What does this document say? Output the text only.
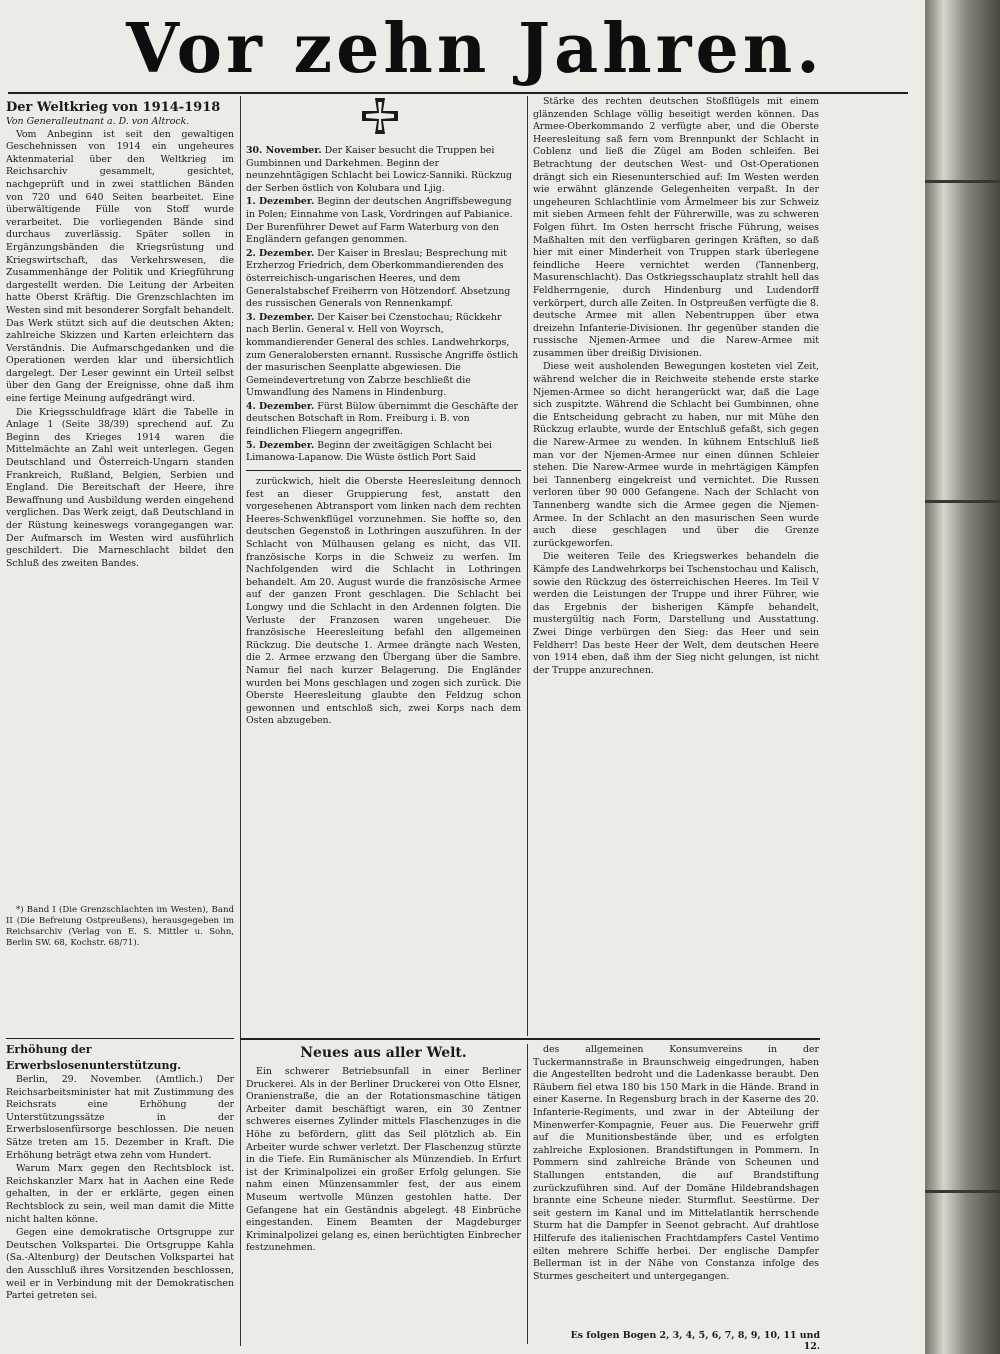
Vor zehn Jahren.
Der Weltkrieg von 1914-1918
Von Generalleutnant a. D. von Altrock.

Vom Anbeginn ist seit den gewaltigen Geschehnissen von 1914 ein ungeheures Aktenmaterial über den Weltkrieg im Reichsarchiv gesammelt, gesichtet, nachgeprüft und in zwei stattlichen Bänden von 720 und 640 Seiten bearbeitet. Eine überwältigende Fülle von Stoff wurde verarbeitet. Die vorliegenden Bände sind durchaus zuverlässig. Später sollen in Ergänzungsbänden die Kriegsrüstung und Kriegswirtschaft, das Verkehrswesen, die Zusammenhänge der Politik und Kriegführung dargestellt werden. Die Leitung der Arbeiten hatte Oberst Kräftig. Die Grenzschlachten im Westen sind mit besonderer Sorgfalt behandelt. Das Werk stützt sich auf die deutschen Akten; zahlreiche Skizzen und Karten erleichtern das Verständnis. Die Aufmarschgedanken und die Operationen werden klar und übersichtlich dargelegt. Der Leser gewinnt ein Urteil selbst über den Gang der Ereignisse, ohne daß ihm eine fertige Meinung aufgedrängt wird.

Die Kriegsschuldfrage klärt die Tabelle in Anlage 1 (Seite 38/39) sprechend auf. Zu Beginn des Krieges 1914 waren die Mittelmächte an Zahl weit unterlegen. Gegen Deutschland und Österreich-Ungarn standen Frankreich, Rußland, Belgien, Serbien und England. Die Bereitschaft der Heere, ihre Bewaffnung und Ausbildung werden eingehend verglichen. Das Werk zeigt, daß Deutschland in der Rüstung keineswegs vorangegangen war. Der Aufmarsch im Westen wird ausführlich geschildert. Die Marneschlacht bildet den Schluß des zweiten Bandes.

*) Band I (Die Grenzschlachten im Westen), Band II (Die Befreiung Ostpreußens), herausgegeben im Reichsarchiv (Verlag von E. S. Mittler u. Sohn, Berlin SW. 68, Kochstr. 68/71).

Erhöhung der Erwerbslosenunterstützung.

Berlin, 29. November. (Amtlich.) Der Reichsarbeitsminister hat mit Zustimmung des Reichsrats eine Erhöhung der Unterstützungssätze in der Erwerbslosenfürsorge beschlossen. Die neuen Sätze treten am 15. Dezember in Kraft. Die Erhöhung beträgt etwa zehn vom Hundert.

Warum Marx gegen den Rechtsblock ist. Reichskanzler Marx hat in Aachen eine Rede gehalten, in der er erklärte, gegen einen Rechtsblock zu sein, weil man damit die Mitte nicht halten könne.

Gegen eine demokratische Ortsgruppe zur Deutschen Volkspartei. Die Ortsgruppe Kahla (Sa.-Altenburg) der Deutschen Volkspartei hat den Ausschluß ihres Vorsitzenden beschlossen, weil er in Verbindung mit der Demokratischen Partei getreten sei.

30. November. Der Kaiser besucht die Truppen bei Gumbinnen und Darkehmen. Beginn der neunzehntägigen Schlacht bei Lowicz-Sanniki. Rückzug der Serben östlich von Kolubara und Ljig.
1. Dezember. Beginn der deutschen Angriffsbewegung in Polen; Einnahme von Lask, Vordringen auf Pabianice. Der Burenführer Dewet auf Farm Waterburg von den Engländern gefangen genommen.
2. Dezember. Der Kaiser in Breslau; Besprechung mit Erzherzog Friedrich, dem Oberkommandierenden des österreichisch-ungarischen Heeres, und dem Generalstabschef Freiherrn von Hötzendorf. Absetzung des russischen Generals von Rennenkampf.
3. Dezember. Der Kaiser bei Czenstochau; Rückkehr nach Berlin. General v. Hell von Woyrsch, kommandierender General des schles. Landwehrkorps, zum Generalobersten ernannt. Russische Angriffe östlich der masurischen Seenplatte abgewiesen. Die Gemeindevertretung von Zabrze beschließt die Umwandlung des Namens in Hindenburg.
4. Dezember. Fürst Bülow übernimmt die Geschäfte der deutschen Botschaft in Rom. Freiburg i. B. von feindlichen Fliegern angegriffen.
5. Dezember. Beginn der zweitägigen Schlacht bei Limanowa-Lapanow. Die Wüste östlich Port Said

zurückwich, hielt die Oberste Heeresleitung dennoch fest an dieser Gruppierung fest, anstatt den vorgesehenen Abtransport vom linken nach dem rechten Heeres-Schwenkflügel vorzunehmen. Sie hoffte so, den deutschen Gegenstoß in Lothringen auszuführen. In der Schlacht von Mülhausen gelang es nicht, das VII. französische Korps in die Schweiz zu werfen. Im Nachfolgenden wird die Schlacht in Lothringen behandelt. Am 20. August wurde die französische Armee auf der ganzen Front geschlagen. Die Schlacht bei Longwy und die Schlacht in den Ardennen folgten. Die Verluste der Franzosen waren ungeheuer. Die französische Heeresleitung befahl den allgemeinen Rückzug. Die deutsche 1. Armee drängte nach Westen, die 2. Armee erzwang den Übergang über die Sambre. Namur fiel nach kurzer Belagerung. Die Engländer wurden bei Mons geschlagen und zogen sich zurück. Die Oberste Heeresleitung glaubte den Feldzug schon gewonnen und entschloß sich, zwei Korps nach dem Osten abzugeben.

Stärke des rechten deutschen Stoßflügels mit einem glänzenden Schlage völlig beseitigt werden können. Das Armee-Oberkommando 2 verfügte aber, und die Oberste Heeresleitung saß fern vom Brennpunkt der Schlacht in Coblenz und ließ die Zügel am Boden schleifen. Bei Betrachtung der deutschen West- und Ost-Operationen drängt sich ein Riesenunterschied auf: Im Westen werden wie erwähnt glänzende Gelegenheiten verpaßt. In der ungeheuren Schlachtlinie vom Ärmelmeer bis zur Schweiz mit sieben Armeen fehlt der Führerwille, was zu schweren Folgen führt. Im Osten herrscht frische Führung, weises Maßhalten mit den verfügbaren geringen Kräften, so daß hier mit einer Minderheit von Truppen stark überlegene feindliche Heere vernichtet werden (Tannenberg, Masurenschlacht). Das Ostkriegsschauplatz strahlt hell das Feldherrngenie, durch Hindenburg und Ludendorff verkörpert, durch alle Zeiten. In Ostpreußen verfügte die 8. deutsche Armee mit allen Nebentruppen über etwa dreizehn Infanterie-Divisionen. Ihr gegenüber standen die russische Njemen-Armee und die Narew-Armee mit zusammen über dreißig Divisionen.

Diese weit ausholenden Bewegungen kosteten viel Zeit, während welcher die in Reichweite stehende erste starke Njemen-Armee so dicht herangerückt war, daß die Lage sich zuspitzte. Während die Schlacht bei Gumbinnen, ohne die Entscheidung gebracht zu haben, nur mit Mühe den Rückzug erlaubte, wurde der Entschluß gefaßt, sich gegen die Narew-Armee zu wenden. In kühnem Entschluß ließ man vor der Njemen-Armee nur einen dünnen Schleier stehen. Die Narew-Armee wurde in mehrtägigen Kämpfen bei Tannenberg eingekreist und vernichtet. Die Russen verloren über 90 000 Gefangene. Nach der Schlacht von Tannenberg wandte sich die Armee gegen die Njemen-Armee. In der Schlacht an den masurischen Seen wurde auch diese geschlagen und über die Grenze zurückgeworfen.

Die weiteren Teile des Kriegswerkes behandeln die Kämpfe des Landwehrkorps bei Tschenstochau und Kalisch, sowie den Rückzug des österreichischen Heeres. Im Teil V werden die Leistungen der Truppe und ihrer Führer, wie das Ergebnis der bisherigen Kämpfe behandelt, mustergültig nach Form, Darstellung und Ausstattung. Zwei Dinge verbürgen den Sieg: das Heer und sein Feldherr! Das beste Heer der Welt, dem deutschen Heere von 1914 eben, daß ihm der Sieg nicht gelungen, ist nicht der Truppe anzurechnen.

Neues aus aller Welt.

Ein schwerer Betriebsunfall in einer Berliner Druckerei. Als in der Berliner Druckerei von Otto Elsner, Oranienstraße, die an der Rotationsmaschine tätigen Arbeiter damit beschäftigt waren, ein 30 Zentner schweres eisernes Zylinder mittels Flaschenzuges in die Höhe zu befördern, glitt das Seil plötzlich ab. Ein Arbeiter wurde schwer verletzt. Der Flaschenzug stürzte in die Tiefe. Ein Rumänischer als Münzendieb. In Erfurt ist der Kriminalpolizei ein großer Erfolg gelungen. Sie nahm einen Münzensammler fest, der aus einem Museum wertvolle Münzen gestohlen hatte. Der Gefangene hat ein Geständnis abgelegt. 48 Einbrüche eingestanden. Einem Beamten der Magdeburger Kriminalpolizei gelang es, einen berüchtigten Einbrecher festzunehmen.

des allgemeinen Konsumvereins in der Tuckermannstraße in Braunschweig eingedrungen, haben die Angestellten bedroht und die Ladenkasse beraubt. Den Räubern fiel etwa 180 bis 150 Mark in die Hände. Brand in einer Kaserne. In Regensburg brach in der Kaserne des 20. Infanterie-Regiments, und zwar in der Abteilung der Minenwerfer-Kompagnie, Feuer aus. Die Feuerwehr griff auf die Munitionsbestände über, und es erfolgten zahlreiche Explosionen. Brandstiftungen in Pommern. In Pommern sind zahlreiche Brände von Scheunen und Stallungen entstanden, die auf Brandstiftung zurückzuführen sind. Auf der Domäne Hildebrandshagen brannte eine Scheune nieder. Sturmflut. Seestürme. Der seit gestern im Kanal und im Mittelatlantik herrschende Sturm hat die Dampfer in Seenot gebracht. Auf drahtlose Hilferufe des italienischen Frachtdampfers Castel Ventimo eilten mehrere Schiffe herbei. Der englische Dampfer Bellerman ist in der Nähe von Constanza infolge des Sturmes gescheitert und untergegangen.

Es folgen Bogen 2, 3, 4, 5, 6, 7, 8, 9, 10, 11 und 12.
